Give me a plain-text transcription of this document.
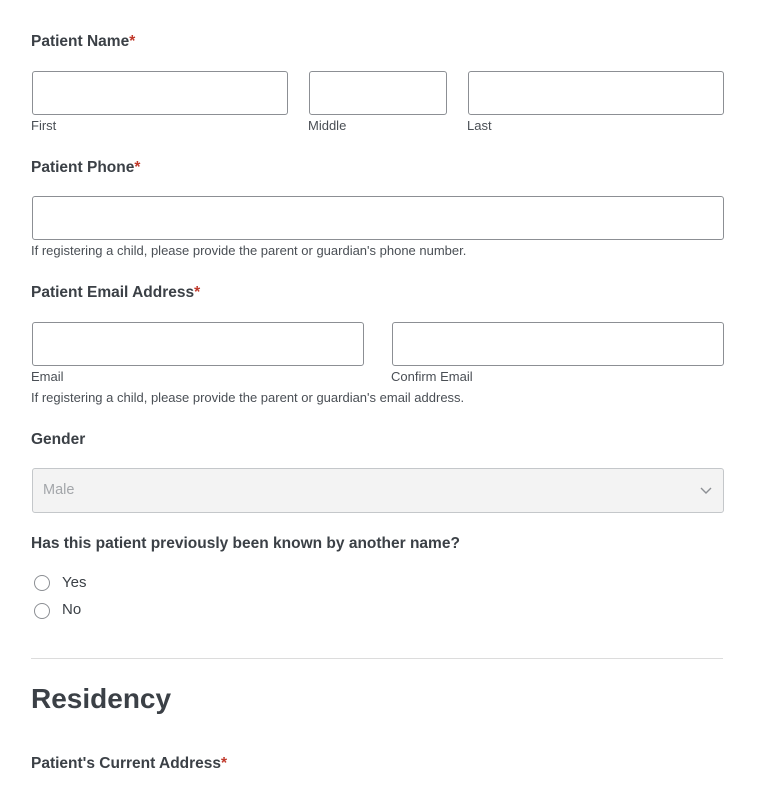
Patient Name*
First	Middle	Last
Patient Phone*
If registering a child, please provide the parent or guardian's phone number.
Patient Email Address*
Email	Confirm Email
If registering a child, please provide the parent or guardian's email address.
Gender
Male
Has this patient previously been known by another name?
Yes
No
Residency
Patient's Current Address*
